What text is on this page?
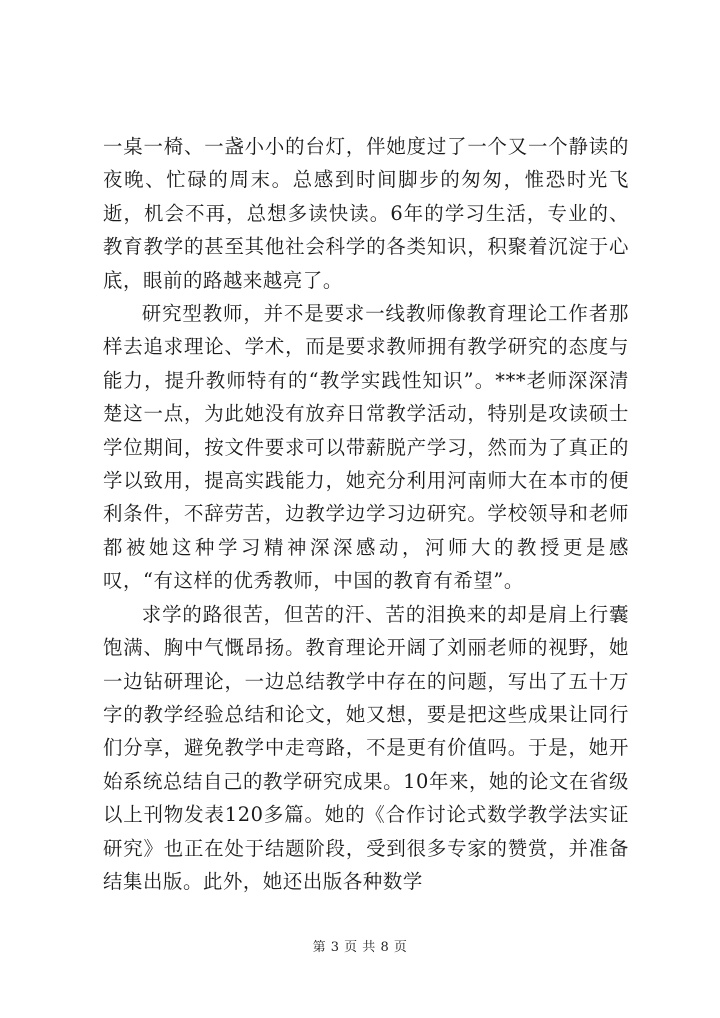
一桌一椅、一盏小小的台灯，伴她度过了一个又一个静读的夜晚、忙碌的周末。总感到时间脚步的匆匆，惟恐时光飞逝，机会不再，总想多读快读。6年的学习生活，专业的、教育教学的甚至其他社会科学的各类知识，积聚着沉淀于心底，眼前的路越来越亮了。

研究型教师，并不是要求一线教师像教育理论工作者那样去追求理论、学术，而是要求教师拥有教学研究的态度与能力，提升教师特有的“教学实践性知识”。***老师深深清楚这一点，为此她没有放弃日常教学活动，特别是攻读硕士学位期间，按文件要求可以带薪脱产学习，然而为了真正的学以致用，提高实践能力，她充分利用河南师大在本市的便利条件，不辞劳苦，边教学边学习边研究。学校领导和老师都被她这种学习精神深深感动，河师大的教授更是感叹，“有这样的优秀教师，中国的教育有希望”。

求学的路很苦，但苦的汗、苦的泪换来的却是肩上行囊饱满、胸中气慨昂扬。教育理论开阔了刘丽老师的视野，她一边钻研理论，一边总结教学中存在的问题，写出了五十万字的教学经验总结和论文，她又想，要是把这些成果让同行们分享，避免教学中走弯路，不是更有价值吗。于是，她开始系统总结自己的教学研究成果。10年来，她的论文在省级以上刊物发表120多篇。她的《合作讨论式数学教学法实证研究》也正在处于结题阶段，受到很多专家的赞赏，并准备结集出版。此外，她还出版各种数学

第 3 页 共 8 页
